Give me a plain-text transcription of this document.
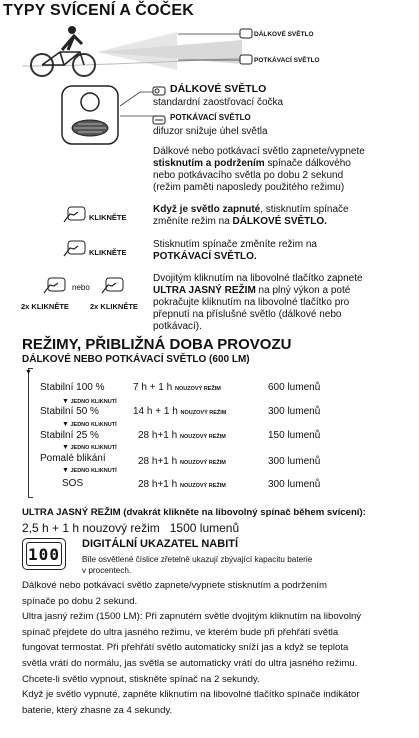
TYPY SVÍCENÍ A ČOČEK
DÁLKOVÉ SVĚTLO
POTKÁVACÍ SVĚTLO
DÁLKOVÉ SVĚTLO
standardní zaostřovací čočka
POTKÁVACÍ SVĚTLO
difuzor snižuje úhel světla
Dálkové nebo potkávací světlo zapnete/vypnete
stisknutím a podržením spínače dálkového
nebo potkávacího světla po dobu 2 sekund
(režim paměti naposledy použitého režimu)
KLIKNĚTE
Když je světlo zapnuté, stisknutím spínače
změníte režim na DÁLKOVÉ SVĚTLO.
KLIKNĚTE
Stisknutím spínače změníte režim na
POTKÁVACÍ SVĚTLO.
nebo
2x KLIKNĚTE	2x KLIKNĚTE
Dvojitým kliknutím na libovolné tlačítko zapnete
ULTRA JASNÝ REŽIM na plný výkon a poté
pokračujte kliknutím na libovolné tlačítko pro
přepnutí na příslušné světlo (dálkové nebo
potkávací).
REŽIMY, PŘIBLIŽNÁ DOBA PROVOZU
DÁLKOVÉ NEBO POTKÁVACÍ SVĚTLO (600 LM)
▼
Stabilní 100 %	7 h + 1 h NOUZOVÝ REŽIM	600 lumenů
▼ JEDNO KLIKNUTÍ
Stabilní 50 %	14 h + 1 h NOUZOVÝ REŽIM	300 lumenů
▼ JEDNO KLIKNUTÍ
Stabilní 25 %	28 h+1 h NOUZOVÝ REŽIM	150 lumenů
▼ JEDNO KLIKNUTÍ
Pomalé blikání	28 h+1 h NOUZOVÝ REŽIM	300 lumenů
▼ JEDNO KLIKNUTÍ
SOS	28 h+1 h NOUZOVÝ REŽIM	300 lumenů
ULTRA JASNÝ REŽIM (dvakrát klikněte na libovolný spínač během svícení):
2,5 h + 1 h nouzový režim   1500 lumenů
100
DIGITÁLNÍ UKAZATEL NABITÍ
Bíle osvětlené číslice zřetelně ukazují zbývající kapacitu baterie
v procentech.
Dálkové nebo potkávací světlo zapnete/vypnete stisknutím a podržením
spínače po dobu 2 sekund.
Ultra jasný režim (1500 LM): Při zapnutém světle dvojitým kliknutím na libovolný
spínač přejdete do ultra jasného režimu, ve kterém bude při přehřátí světla
fungovat termostat. Při přehřátí světlo automaticky sníží jas a když se teplota
světla vrátí do normálu, jas světla se automaticky vrátí do ultra jasného režimu.
Chcete-li světlo vypnout, stiskněte spínač na 2 sekundy.
Když je světlo vypnuté, zapněte kliknutím na libovolné tlačítko spínače indikátor
baterie, který zhasne za 4 sekundy.
